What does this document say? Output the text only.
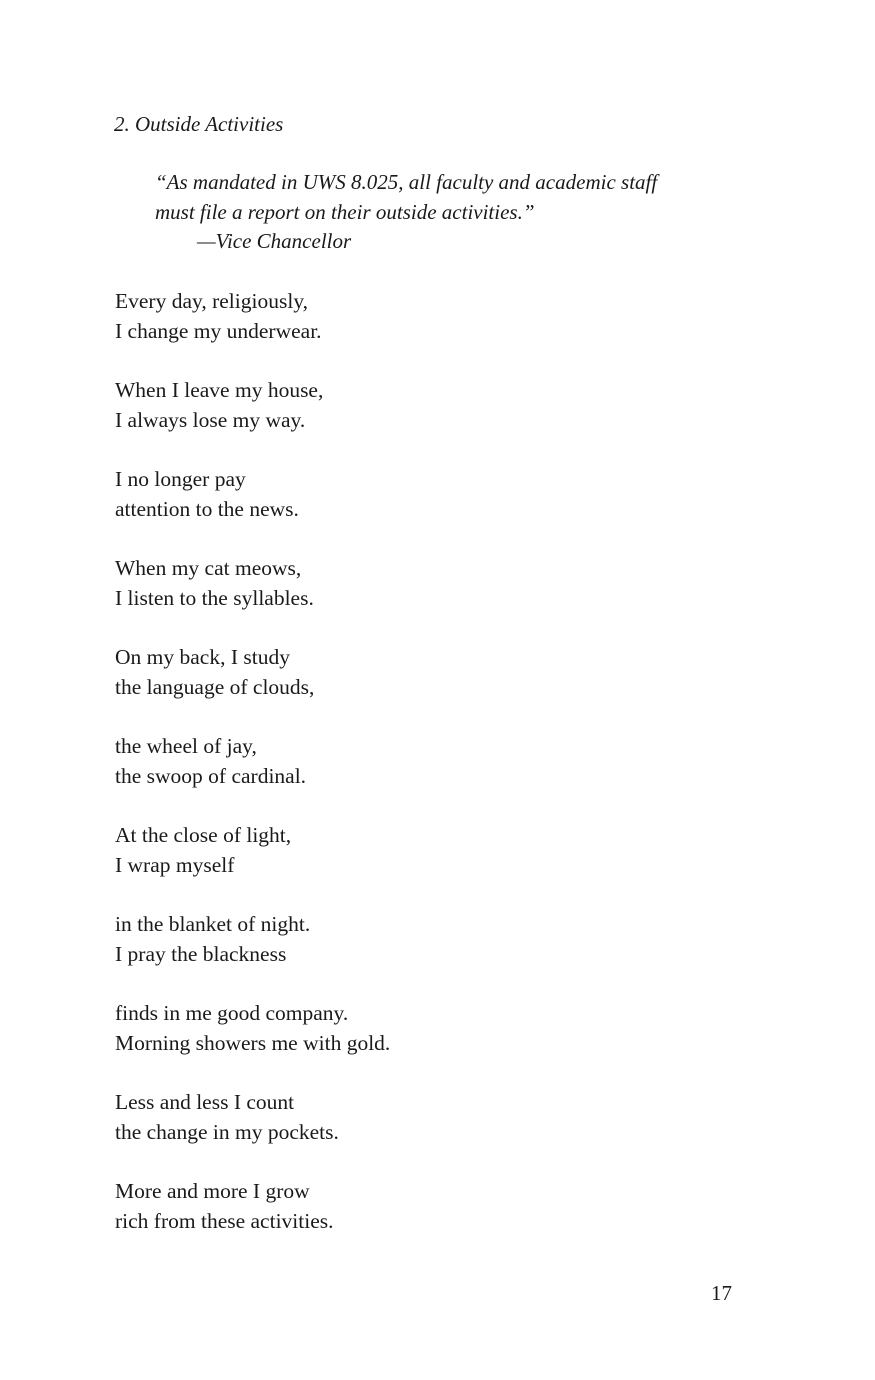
2. Outside Activities
“As mandated in UWS 8.025, all faculty and academic staff
must file a report on their outside activities.”
—Vice Chancellor
Every day, religiously,
I change my underwear.
When I leave my house,
I always lose my way.
I no longer pay
attention to the news.
When my cat meows,
I listen to the syllables.
On my back, I study
the language of clouds,
the wheel of jay,
the swoop of cardinal.
At the close of light,
I wrap myself
in the blanket of night.
I pray the blackness
finds in me good company.
Morning showers me with gold.
Less and less I count
the change in my pockets.
More and more I grow
rich from these activities.
17
